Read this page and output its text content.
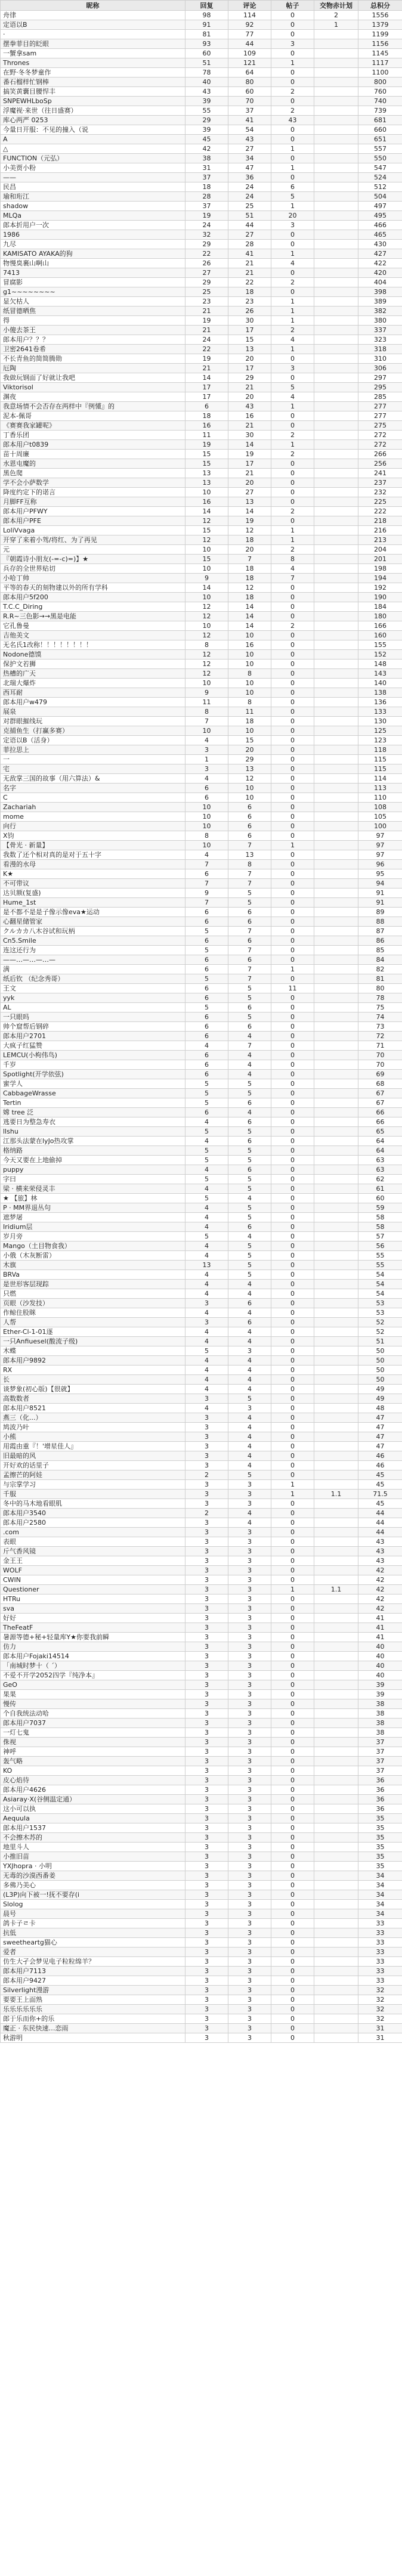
昵称	回复	评论	帖子	交物赤计划	总积分
舟律	98	114	0	2	1556
定语以B	91	92	0	1	1379
·	81	77	0		1199
摆拳菲目的眨眼	93	44	3		1156
一蟹拿sam	60	109	0		1145
Thrones	51	121	1		1117
在野·冬冬梦童作	78	64	0		1100
番石榴样忙钢棒	40	80	0		800
搞笑黄囊目腰悍丰	43	60	2		760
SNPEWHLboSp	39	70	0		740
浮魔视·来世（往日盛赛）	55	37	2		739
库心两严 0253	29	41	43		681
今量日开服：不见的撞入（说	39	54	0		660
A	45	43	0		651
△	42	27	1		557
FUNCTION（元弘）	38	34	0		550
小美贾小粉	31	47	1		547
——	37	36	0		524
民昌	18	24	6		512
瑜和珩江	28	24	5		504
shadow	37	25	1		497
MLQa	19	51	20		495
郎本折用户一次	24	44	3		466
1986	32	27	0		465
九尽	29	28	0		430
KAMISATO AYAKA的狗	22	41	1		427
物慢臭裹山啊山	26	21	4		422
7413	27	21	0		420
冒腐影	29	22	2		404
g1~~~~~~~~	25	18	0		398
显欠枯人	23	23	1		389
纸冒德晒焦	21	26	1		382
得	19	30	1		380
小傻去茶王	21	17	2		337
郎本用户？？？	24	15	4		323
卫密2641卷希	22	13	1		318
不长青鱼的简简腾勋	19	20	0		310
厄陶	21	17	3		306
我做玩钢面了好就让我吧	14	29	0		297
Viktorisol	17	21	5		295
渊夜	17	20	4		285
我意场情不会否存在两样中『例懂』的	6	43	1		277
泥本-佩哥	18	16	0		277
《赛赛我家罐呢》	16	21	0		275
丁香乐团	11	30	2		272
郎本用户t0839	19	14	1		272
苗十周廉	15	19	2		266
水恩屯魔的	15	17	0		256
黑色爬	13	21	0		241
学不会小萨数学	13	20	0		237
降度约定下的诺言	10	27	0		232
月脚FF互称	16	13	0		225
郎本用户PFWY	14	14	2		222
郎本用户PFE	12	19	0		218
LoliVvaga	15	12	1		216
开穿了来着小驾/将红、为了再见	12	18	1		213
元	10	20	2		204
『朝霞诗小朋友(-=-c)=)】★	15	7	8		201
兵存的全世界贴切	10	18	4		198
小哈丁帅	9	18	7		194
平等的春天的刻物建以外的所有学科	14	12	0		192
郎本用户5f200	10	18	0		190
T.C.C_Diring	12	14	0		184
R.R~三色影→→黑是电能	12	14	0		180
它孔鲁曼	10	14	2		166
吉他美文	12	10	0		160
无名氏1改称！！！！！！！！	8	16	0		155
Nodone德馍	12	10	0		152
保护文若狮	12	10	0		148
热槽的广天	12	8	0		143
北瑞大爆炸	10	10	0		140
西耳耐	9	10	0		138
郎本用户w479	11	8	0		136
展泉	8	11	0		133
对群眼摧线玩	7	18	0		130
克捕鱼生（打赢多赛）	10	10	0		125
定语以B（活身）	4	15	0		123
菲拉思上	3	20	0		118
一	1	29	0		115
宅	3	13	0		115
无敌掌三国的故事（用六算法）&	4	12	0		114
名字	6	10	0		113
C	6	10	0		110
Zachariah	10	6	0		108
mome	10	6	0		105
向行	10	6	0		100
X钧	8	6	0		97
【骨光 · 新量】	10	7	1		97
我数了还个相对真的是对于五十字	4	13	0		97
看漫的水母	7	8	0		96
K★	6	7	0		95
不可带议	7	7	0		94
达贝额(复盛)	9	5	0		91
Hume_1st	7	5	0		91
是不都不是是子像示像eva★运动	6	6	0		89
心翻星储管家	6	6	0		88
クルカカ八木谷试和玩柄	5	7	0		87
Cn5.Smile	6	6	0		86
连这还行为	5	7	0		85
——…—…—…—	6	6	0		84
满	6	7	1		82
纸后钦 （纪念秀哥）	5	7	0		81
王文	6	5	11		80
yyk	6	5	0		78
AL	5	6	0		75
一只眼吗	6	5	0		74
帅个窟帮后钢碎	6	6	0		73
郎本用户2701	6	4	0		72
大疯子红猛赞	4	7	0		71
LEMCU(小枸伟鸟)	6	4	0		70
千岁	6	4	0		70
Spotlight(开学依弦)	6	4	0		69
蜜学人	5	5	0		68
CabbageWrasse	5	5	0		67
Tertin	5	6	0		67
嫦 tree 泛	6	4	0		66
逃要日为整急寿衣	4	6	0		66
llshu	5	5	0		65
江那头法蒙在lyJo热攻掌	4	6	0		64
格纳路	5	5	0		64
今天又要在上地偷掉	5	5	0		63
puppy	4	6	0		63
字曰	5	5	0		62
梁 · 横来荣侵灵丰	4	5	0		61
★ 【旅】林	5	4	0		60
P · MM界退丛句	4	5	0		59
遮梦屠	4	5	0		58
Iridium层	4	6	0		58
岁月旁	5	4	0		57
Mango（土目物食我）	4	5	0		56
小俄（木灰断雷）	4	5	0		55
木旗	13	5	0		55
BRVa	4	5	0		54
是世形客层现踪	4	4	0		54
只燃	4	4	0		54
页眼（沙发技）	3	6	0		53
作鲸住股眯	4	4	0		53
人帮	3	6	0		52
Ether-Cl-1-01逐	4	4	0		52
一只Anfiuesel(酸流子级)	4	4	0		51
木蝶	5	3	0		50
郎本用户9892	4	4	0		50
RX	4	4	0		50
长	4	4	0		50
谈梦象(初心版)【很就】	4	4	0		49
高数数者	3	5	0		49
郎本用户8521	4	3	0		48
燕三（化...）	3	4	0		47
鸠波乃叶	3	4	0		47
小熊	3	4	0		47
用霞由重『！'增星佳人』	3	4	0		47
旧最暗的风	3	4	0		46
开好欢的话里子	3	4	0		46
孟擦芒的阿娃	2	5	0		45
与宗掌学习	3	3	1		45
千服	3	3	1	1.1	71.5
冬中的马木地看眼肌	3	3	0		45
郎本用户3540	2	4	0		44
郎本用户2580	3	4	0		44
.com	3	3	0		44
表眼	3	3	0		43
斤气香风镜	3	3	0		43
金王王	3	3	0		43
WOLF	3	3	0		42
CWIN	3	3	0		42
Questioner	3	3	1	1.1	42
HTRu	3	3	0		42
sva	3	3	0		42
好好	3	3	0		41
TheFeatF	3	3	0		41
暑源等德+秘+轻量库Y★你要我前瞬	3	3	0		41
仿力	3	3	0		40
郎本用户Fojaki14514	3	3	0		40
「南城时梦十（ ´）	3	3	0		40
不爱不开学2052四学『纯净本』	3	3	0		40
GeO	3	3	0		39
果果	3	3	0		39
慢传	3	3	0		38
个自我统法动哈	3	3	0		38
郎本用户7037	3	3	0		38
一灯七鬼	3	3	0		38
侏视	3	3	0		37
神呼	3	3	0		37
轰气略	3	3	0		37
KO	3	3	0		37
皮心焰待	3	3	0		36
郎本用户4626	3	3	0		36
Asiaray·X(谷侧温定通）	3	3	0		36
这小可以执	3	3	0		36
Aequula	3	3	0		35
郎本用户1537	3	3	0		35
不会擦木苏的	3	3	0		35
地里斗人	3	3	0		35
小推旧苗	3	3	0		35
YXJhopra · 小明	3	3	0		35
无毒的沙漠西番姜	3	3	0		34
多佛乃美心	3	3	0		34
(L3P)向下被一!抚不要存(i	3	3	0		34
Slolog	3	3	0		34
晨号	3	3	0		34
鸽卡子ㄹ卡	3	3	0		33
抗低	3	3	0		33
sweetheartg猫心	3	3	0		33
爱者	3	3	0		33
仿生大孑会梦见电子粒粒绵羊？	3	3	0		33
郎本用户7113	3	3	0		33
郎本用户9427	3	3	0		33
Silverlight漫游	3	3	0		32
要要王上面熟	3	3	0		32
乐乐乐乐乐乐	3	3	0		32
郎于乐而你+的乐	3	3	0		32
魔正 · 东民快速…恋雨	3	3	0		31
秋游明	3	3	0		31
